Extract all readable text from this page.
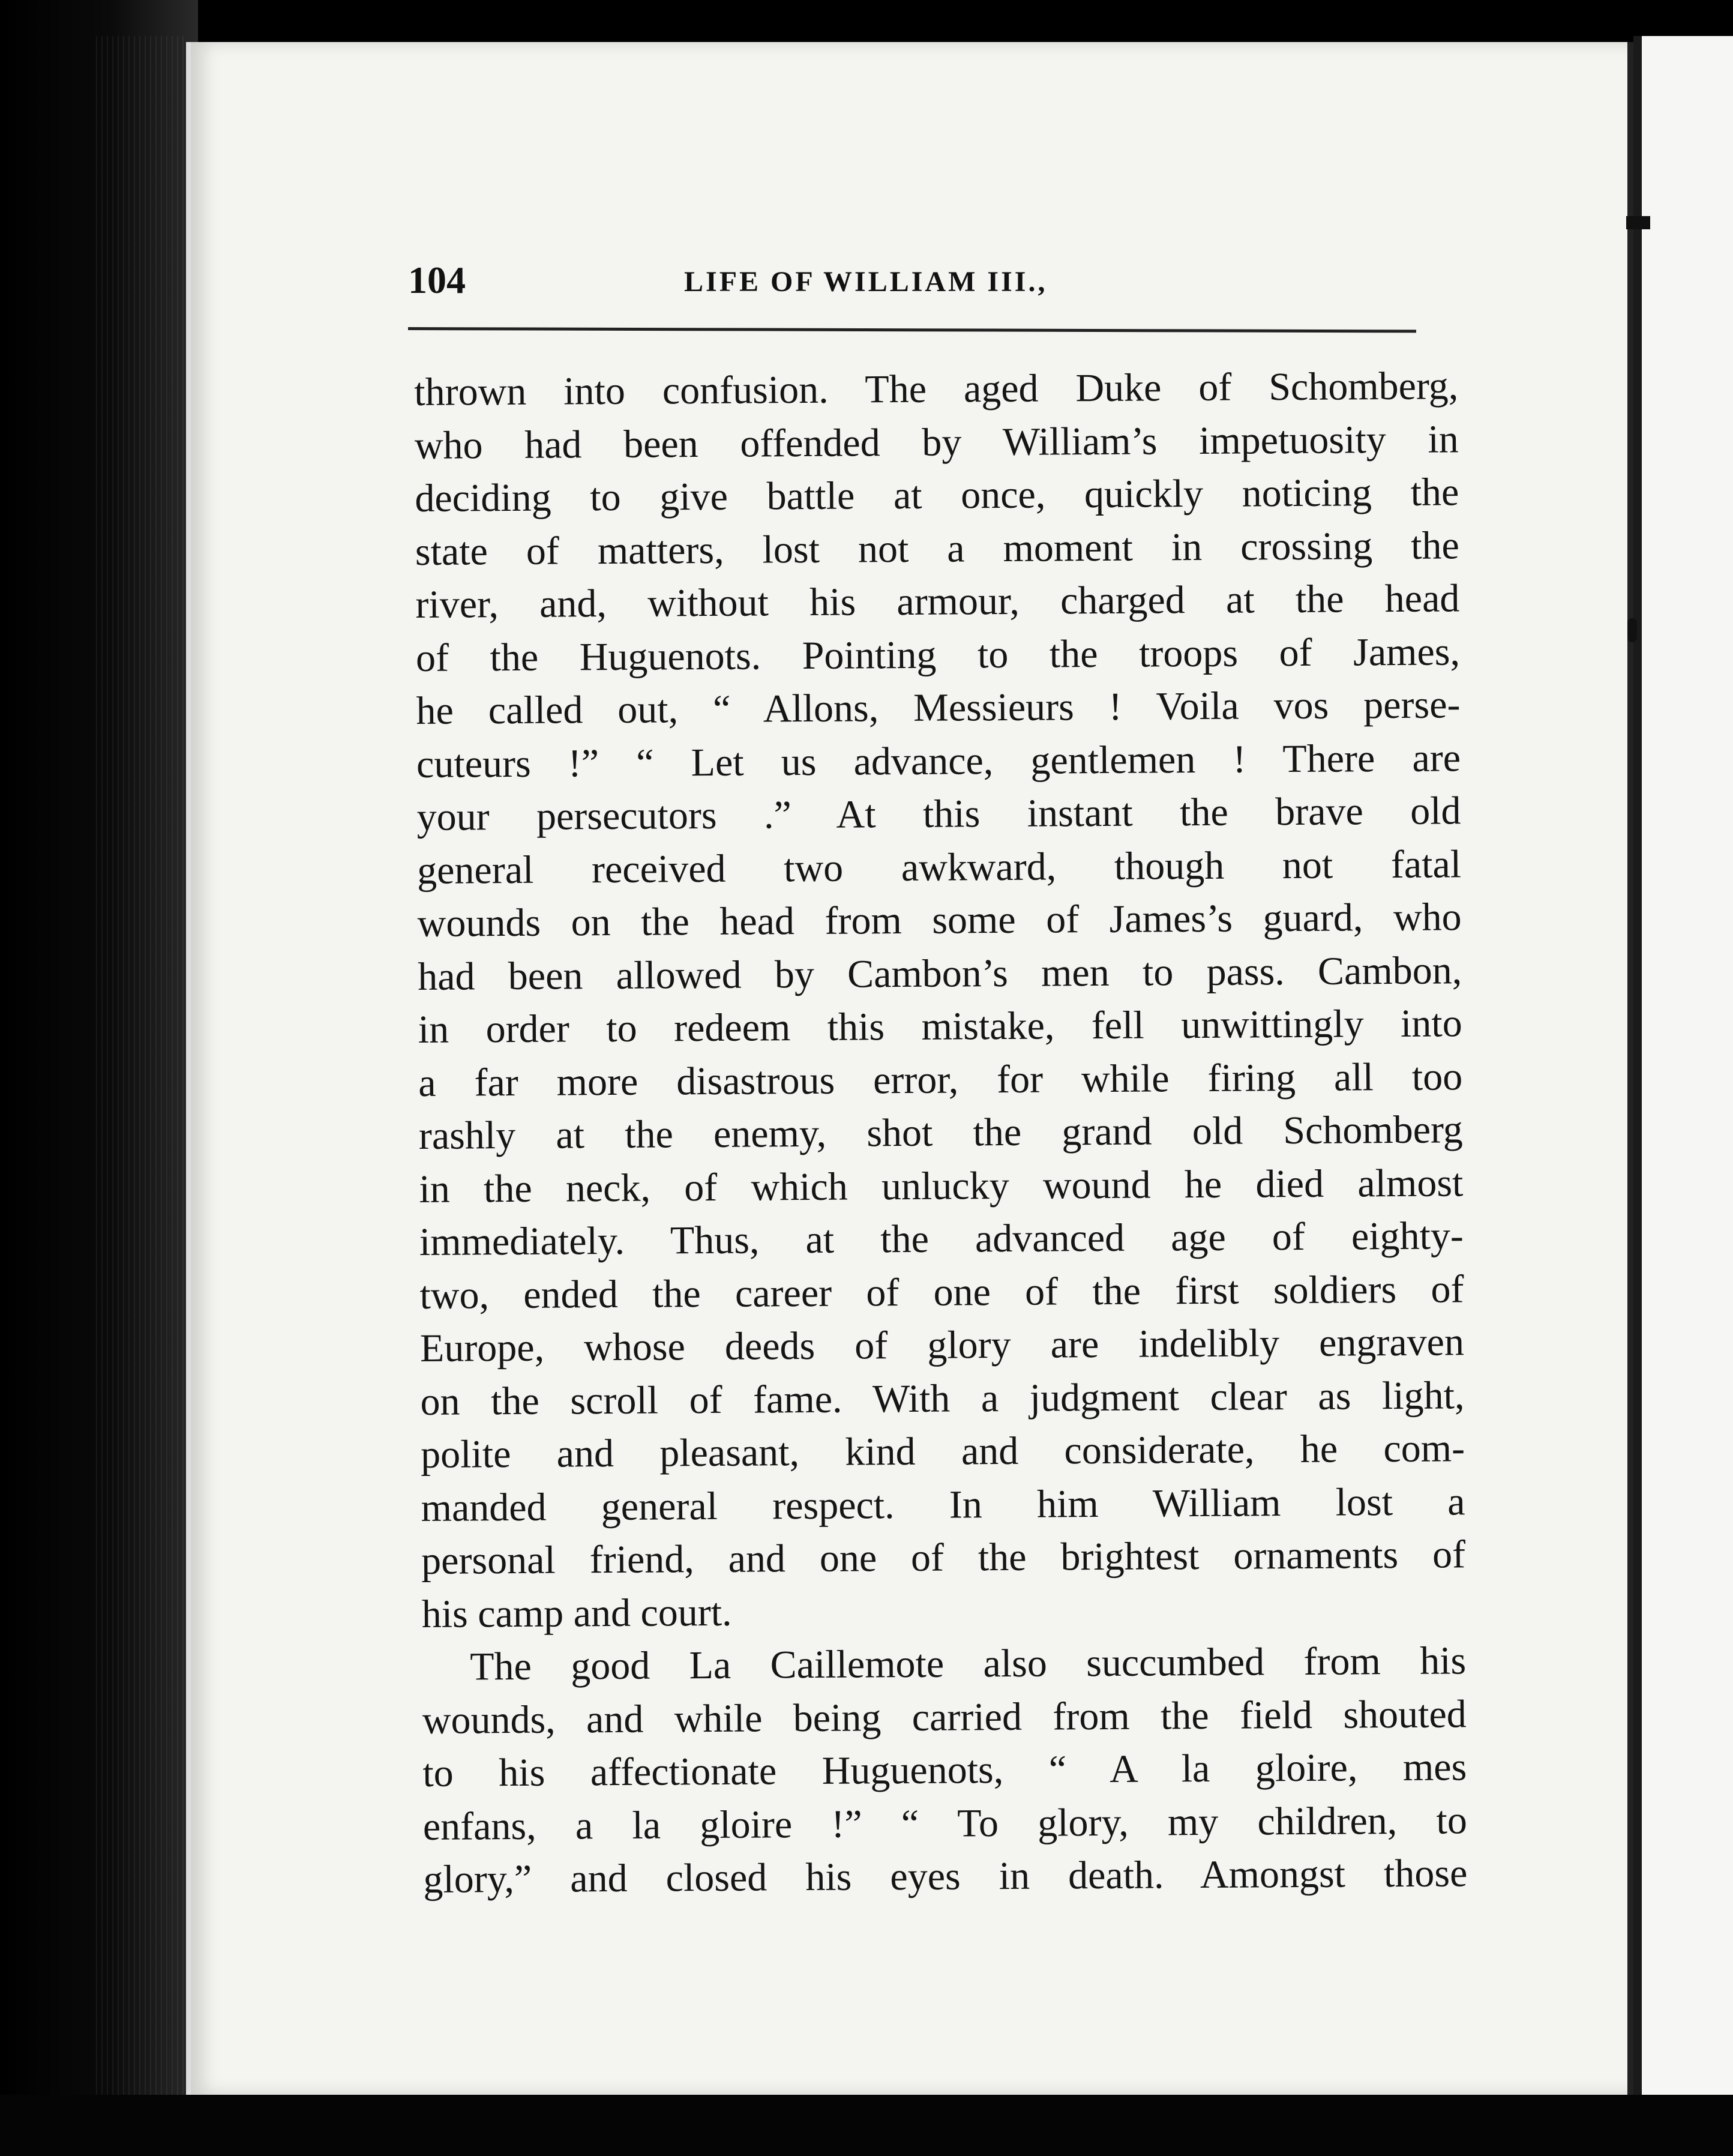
104	LIFE OF WILLIAM III.,
thrown into confusion. The aged Duke of Schomberg,
who had been offended by William’s impetuosity in
deciding to give battle at once, quickly noticing the
state of matters, lost not a moment in crossing the
river, and, without his armour, charged at the head
of the Huguenots. Pointing to the troops of James,
he called out, “ Allons, Messieurs ! Voila vos perse-
cuteurs !” “ Let us advance, gentlemen ! There are
your persecutors .” At this instant the brave old
general received two awkward, though not fatal
wounds on the head from some of James’s guard, who
had been allowed by Cambon’s men to pass. Cambon,
in order to redeem this mistake, fell unwittingly into
a far more disastrous error, for while firing all too
rashly at the enemy, shot the grand old Schomberg
in the neck, of which unlucky wound he died almost
immediately. Thus, at the advanced age of eighty-
two, ended the career of one of the first soldiers of
Europe, whose deeds of glory are indelibly engraven
on the scroll of fame. With a judgment clear as light,
polite and pleasant, kind and considerate, he com-
manded general respect. In him William lost a
personal friend, and one of the brightest ornaments of
his camp and court.
The good La Caillemote also succumbed from his
wounds, and while being carried from the field shouted
to his affectionate Huguenots, “ A la gloire, mes
enfans, a la gloire !” “ To glory, my children, to
glory,” and closed his eyes in death. Amongst those
